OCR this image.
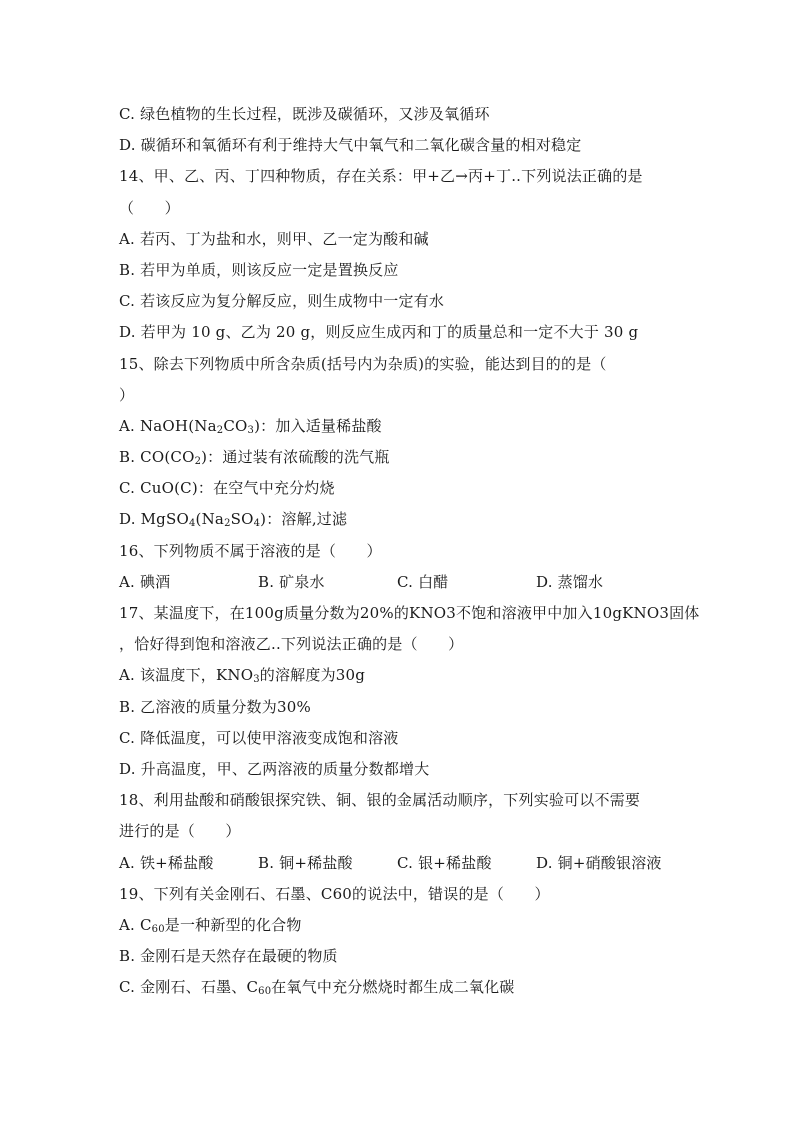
C. 绿色植物的生长过程，既涉及碳循环，又涉及氧循环
D. 碳循环和氧循环有利于维持大气中氧气和二氧化碳含量的相对稳定
14、甲、乙、丙、丁四种物质，存在关系：甲+乙→丙+丁..下列说法正确的是
（　　）
A. 若丙、丁为盐和水，则甲、乙一定为酸和碱
B. 若甲为单质，则该反应一定是置换反应
C. 若该反应为复分解反应，则生成物中一定有水
D. 若甲为 10 g、乙为 20 g，则反应生成丙和丁的质量总和一定不大于 30 g
15、除去下列物质中所含杂质(括号内为杂质)的实验，能达到目的的是（
）
A. $NaOH(Na_2CO_3)$：加入适量稀盐酸
B. $CO(CO_2)$：通过装有浓硫酸的洗气瓶
C. CuO(C)：在空气中充分灼烧
D. $MgSO_4(Na_2SO_4)$：溶解,过滤
16、下列物质不属于溶液的是（　　）
A. 碘酒	B. 矿泉水	C. 白醋	D. 蒸馏水
17、某温度下，在100g质量分数为20%的KNO3不饱和溶液甲中加入10gKNO3固体
，恰好得到饱和溶液乙..下列说法正确的是（　　）
A. 该温度下，$KNO_3$的溶解度为30g
B. 乙溶液的质量分数为30%
C. 降低温度，可以使甲溶液变成饱和溶液
D. 升高温度，甲、乙两溶液的质量分数都增大
18、利用盐酸和硝酸银探究铁、铜、银的金属活动顺序，下列实验可以不需要
进行的是（　　）
A. 铁+稀盐酸	B. 铜+稀盐酸	C. 银+稀盐酸	D. 铜+硝酸银溶液
19、下列有关金刚石、石墨、C60的说法中，错误的是（　　）
A. $C_{60}$是一种新型的化合物
B. 金刚石是天然存在最硬的物质
C. 金刚石、石墨、$C_{60}$在氧气中充分燃烧时都生成二氧化碳
